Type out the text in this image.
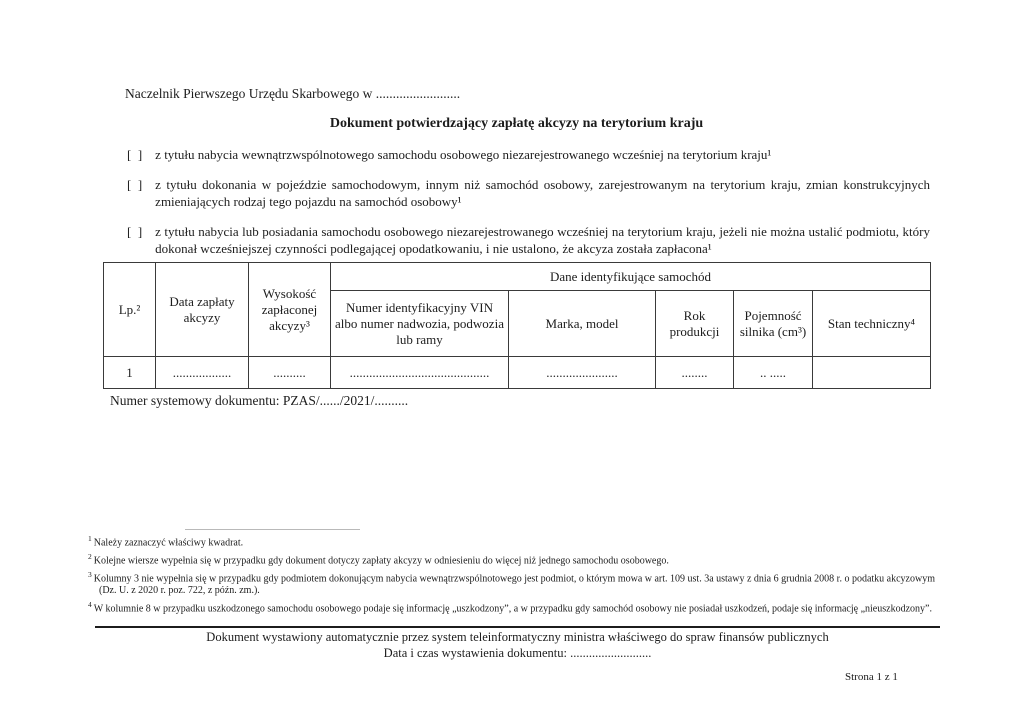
Naczelnik Pierwszego Urzędu Skarbowego w .........................
Dokument potwierdzający zapłatę akcyzy na terytorium kraju
[  ] z tytułu nabycia wewnątrzwspólnotowego samochodu osobowego niezarejestrowanego wcześniej na terytorium kraju¹
[  ] z tytułu dokonania w pojeździe samochodowym, innym niż samochód osobowy, zarejestrowanym na terytorium kraju, zmian konstrukcyjnych zmieniających rodzaj tego pojazdu na samochód osobowy¹
[  ] z tytułu nabycia lub posiadania samochodu osobowego niezarejestrowanego wcześniej na terytorium kraju, jeżeli nie można ustalić podmiotu, który dokonał wcześniejszej czynności podlegającej opodatkowaniu, i nie ustalono, że akcyza została zapłacona¹
Lp.²	Data zapłaty akcyzy	Wysokość zapłaconej akcyzy³	Dane identyfikujące samochód				
			Numer identyfikacyjny VIN albo numer nadwozia, podwozia lub ramy	Marka, model	Rok produkcji	Pojemność silnika (cm³)	Stan techniczny⁴
1	..................	..........	...........................................	......................	........	.. .....	
Numer systemowy dokumentu: PZAS/....../2021/..........
$^1$ Należy zaznaczyć właściwy kwadrat.
$^2$ Kolejne wiersze wypełnia się w przypadku gdy dokument dotyczy zapłaty akcyzy w odniesieniu do więcej niż jednego samochodu osobowego.
$^3$ Kolumny 3 nie wypełnia się w przypadku gdy podmiotem dokonującym nabycia wewnątrzwspólnotowego jest podmiot, o którym mowa w art. 109 ust. 3a ustawy z dnia 6 grudnia 2008 r. o podatku akcyzowym (Dz. U. z 2020 r. poz. 722, z późn. zm.).
$^4$ W kolumnie 8 w przypadku uszkodzonego samochodu osobowego podaje się informację „uszkodzony”, a w przypadku gdy samochód osobowy nie posiadał uszkodzeń, podaje się informację „nieuszkodzony”.
Dokument wystawiony automatycznie przez system teleinformatyczny ministra właściwego do spraw finansów publicznych
Data i czas wystawienia dokumentu: ..........................
Strona 1 z 1
